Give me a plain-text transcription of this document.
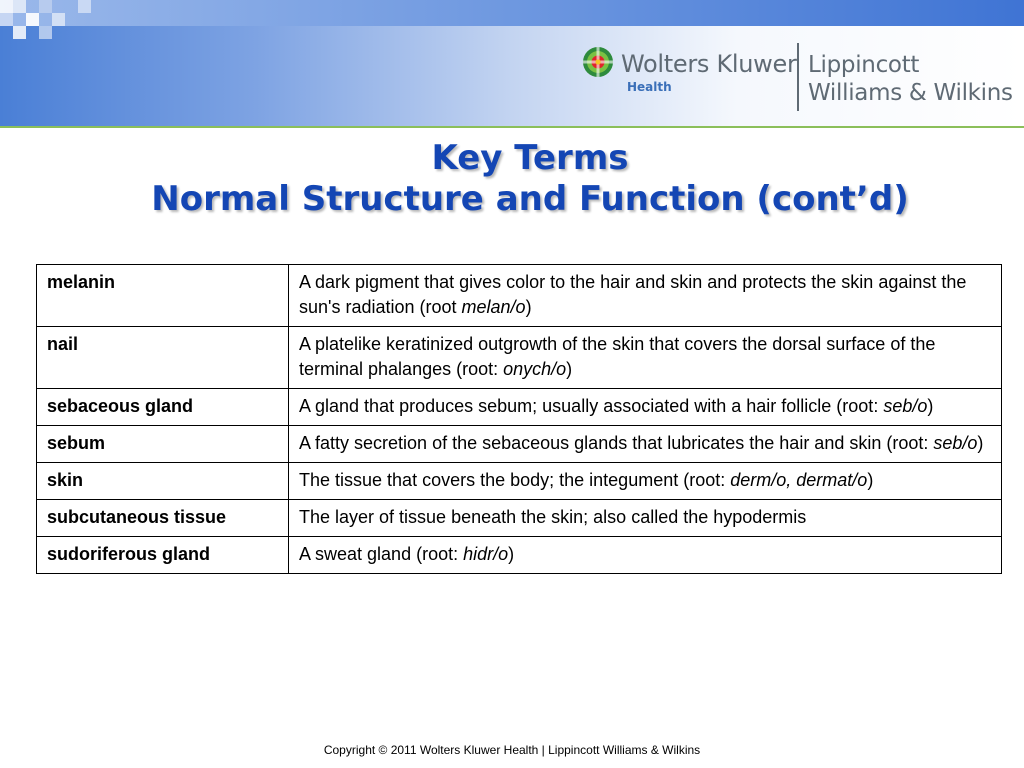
Wolters Kluwer
Health
Lippincott
Williams & Wilkins
Key Terms
Normal Structure and Function (cont’d)
melanin	A dark pigment that gives color to the hair and skin and protects the skin against the sun's radiation (root melan/o)
nail	A platelike keratinized outgrowth of the skin that covers the dorsal surface of the terminal phalanges (root: onych/o)
sebaceous gland	A gland that produces sebum; usually associated with a hair follicle (root: seb/o)
sebum	A fatty secretion of the sebaceous glands that lubricates the hair and skin (root: seb/o)
skin	The tissue that covers the body; the integument (root: derm/o, dermat/o)
subcutaneous tissue	The layer of tissue beneath the skin; also called the hypodermis
sudoriferous gland	A sweat gland (root: hidr/o)
Copyright © 2011 Wolters Kluwer Health | Lippincott Williams & Wilkins
